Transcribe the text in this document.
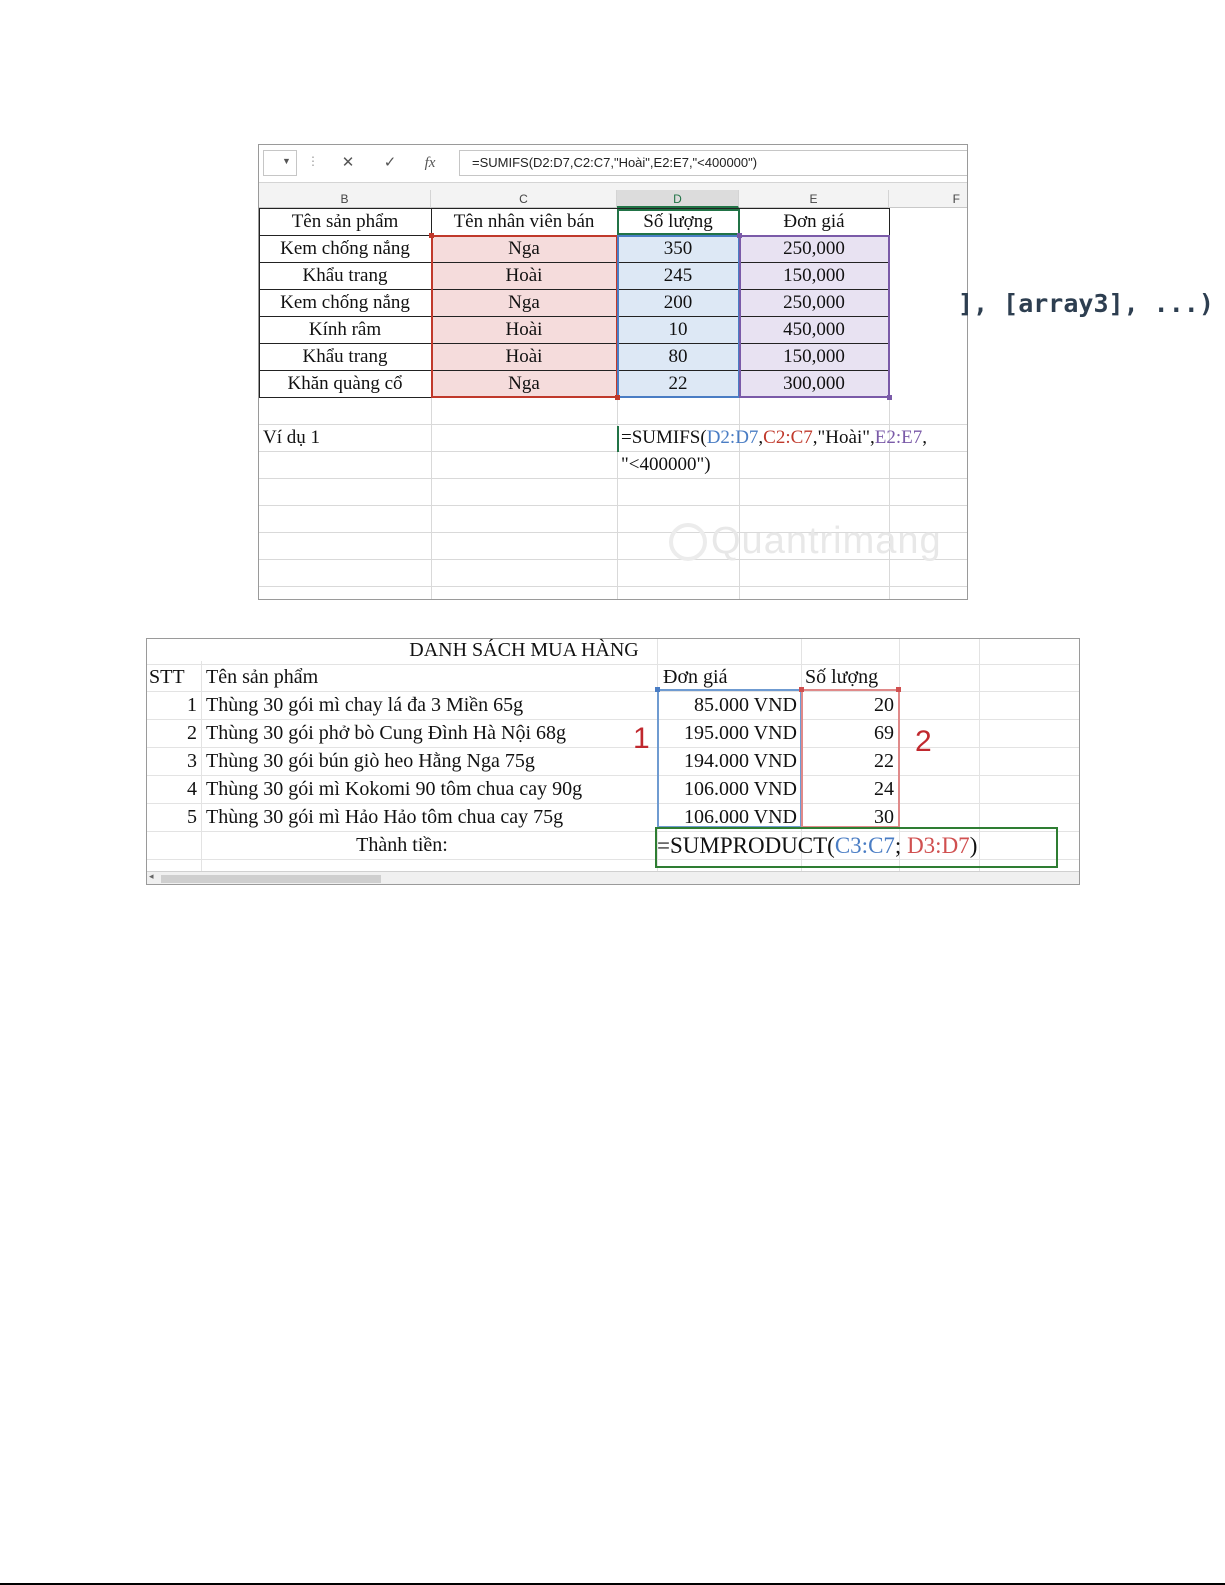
▼ ⋮	✕	✓	fx	=SUMIFS(D2:D7,C2:C7,"Hoài",E2:E7,"<400000")
B	C	D	E	F
Tên sản phẩm	Tên nhân viên bán	Số lượng	Đơn giá
Kem chống nắng	Nga	350	250,000
Khẩu trang	Hoài	245	150,000
Kem chống nắng	Nga	200	250,000
Kính râm	Hoài	10	450,000
Khẩu trang	Hoài	80	150,000
Khăn quàng cổ	Nga	22	300,000
Ví dụ 1	=SUMIFS(D2:D7,C2:C7,"Hoài",E2:E7,
"<400000")
Quantrimang
], [array3], ...)
DANH SÁCH MUA HÀNG
STT Tên sản phẩm	Đơn giá	Số lượng
1 Thùng 30 gói mì chay lá đa 3 Miền 65g	85.000 VND	20
2 Thùng 30 gói phở bò Cung Đình Hà Nội 68g	195.000 VND	69
3 Thùng 30 gói bún giò heo Hằng Nga 75g	194.000 VND	22
4 Thùng 30 gói mì Kokomi 90 tôm chua cay 90g	106.000 VND	24
5 Thùng 30 gói mì Hảo Hảo tôm chua cay 75g	106.000 VND	30
1	2
Thành tiền:	=SUMPRODUCT(C3:C7; D3:D7)
◂
